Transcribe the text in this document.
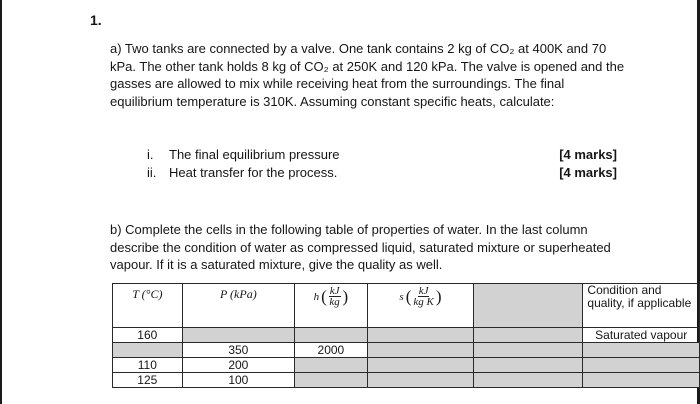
1.
a) Two tanks are connected by a valve. One tank contains 2 kg of CO₂ at 400K and 70 kPa. The other tank holds 8 kg of CO₂ at 250K and 120 kPa. The valve is opened and the gasses are allowed to mix while receiving heat from the surroundings. The final equilibrium temperature is 310K. Assuming constant specific heats, calculate:
i. The final equilibrium pressure	[4 marks]
ii. Heat transfer for the process.	[4 marks]
b) Complete the cells in the following table of properties of water. In the last column describe the condition of water as compressed liquid, saturated mixture or superheated vapour. If it is a saturated mixture, give the quality as well.
T (°C)	P (kPa)	h ( $\frac{kJ}{kg}$ )	s ( $\frac{kJ}{\text{kg K}}$ )		Condition and quality, if applicable
160					Saturated vapour
	350	2000			
110	200				
125	100				
